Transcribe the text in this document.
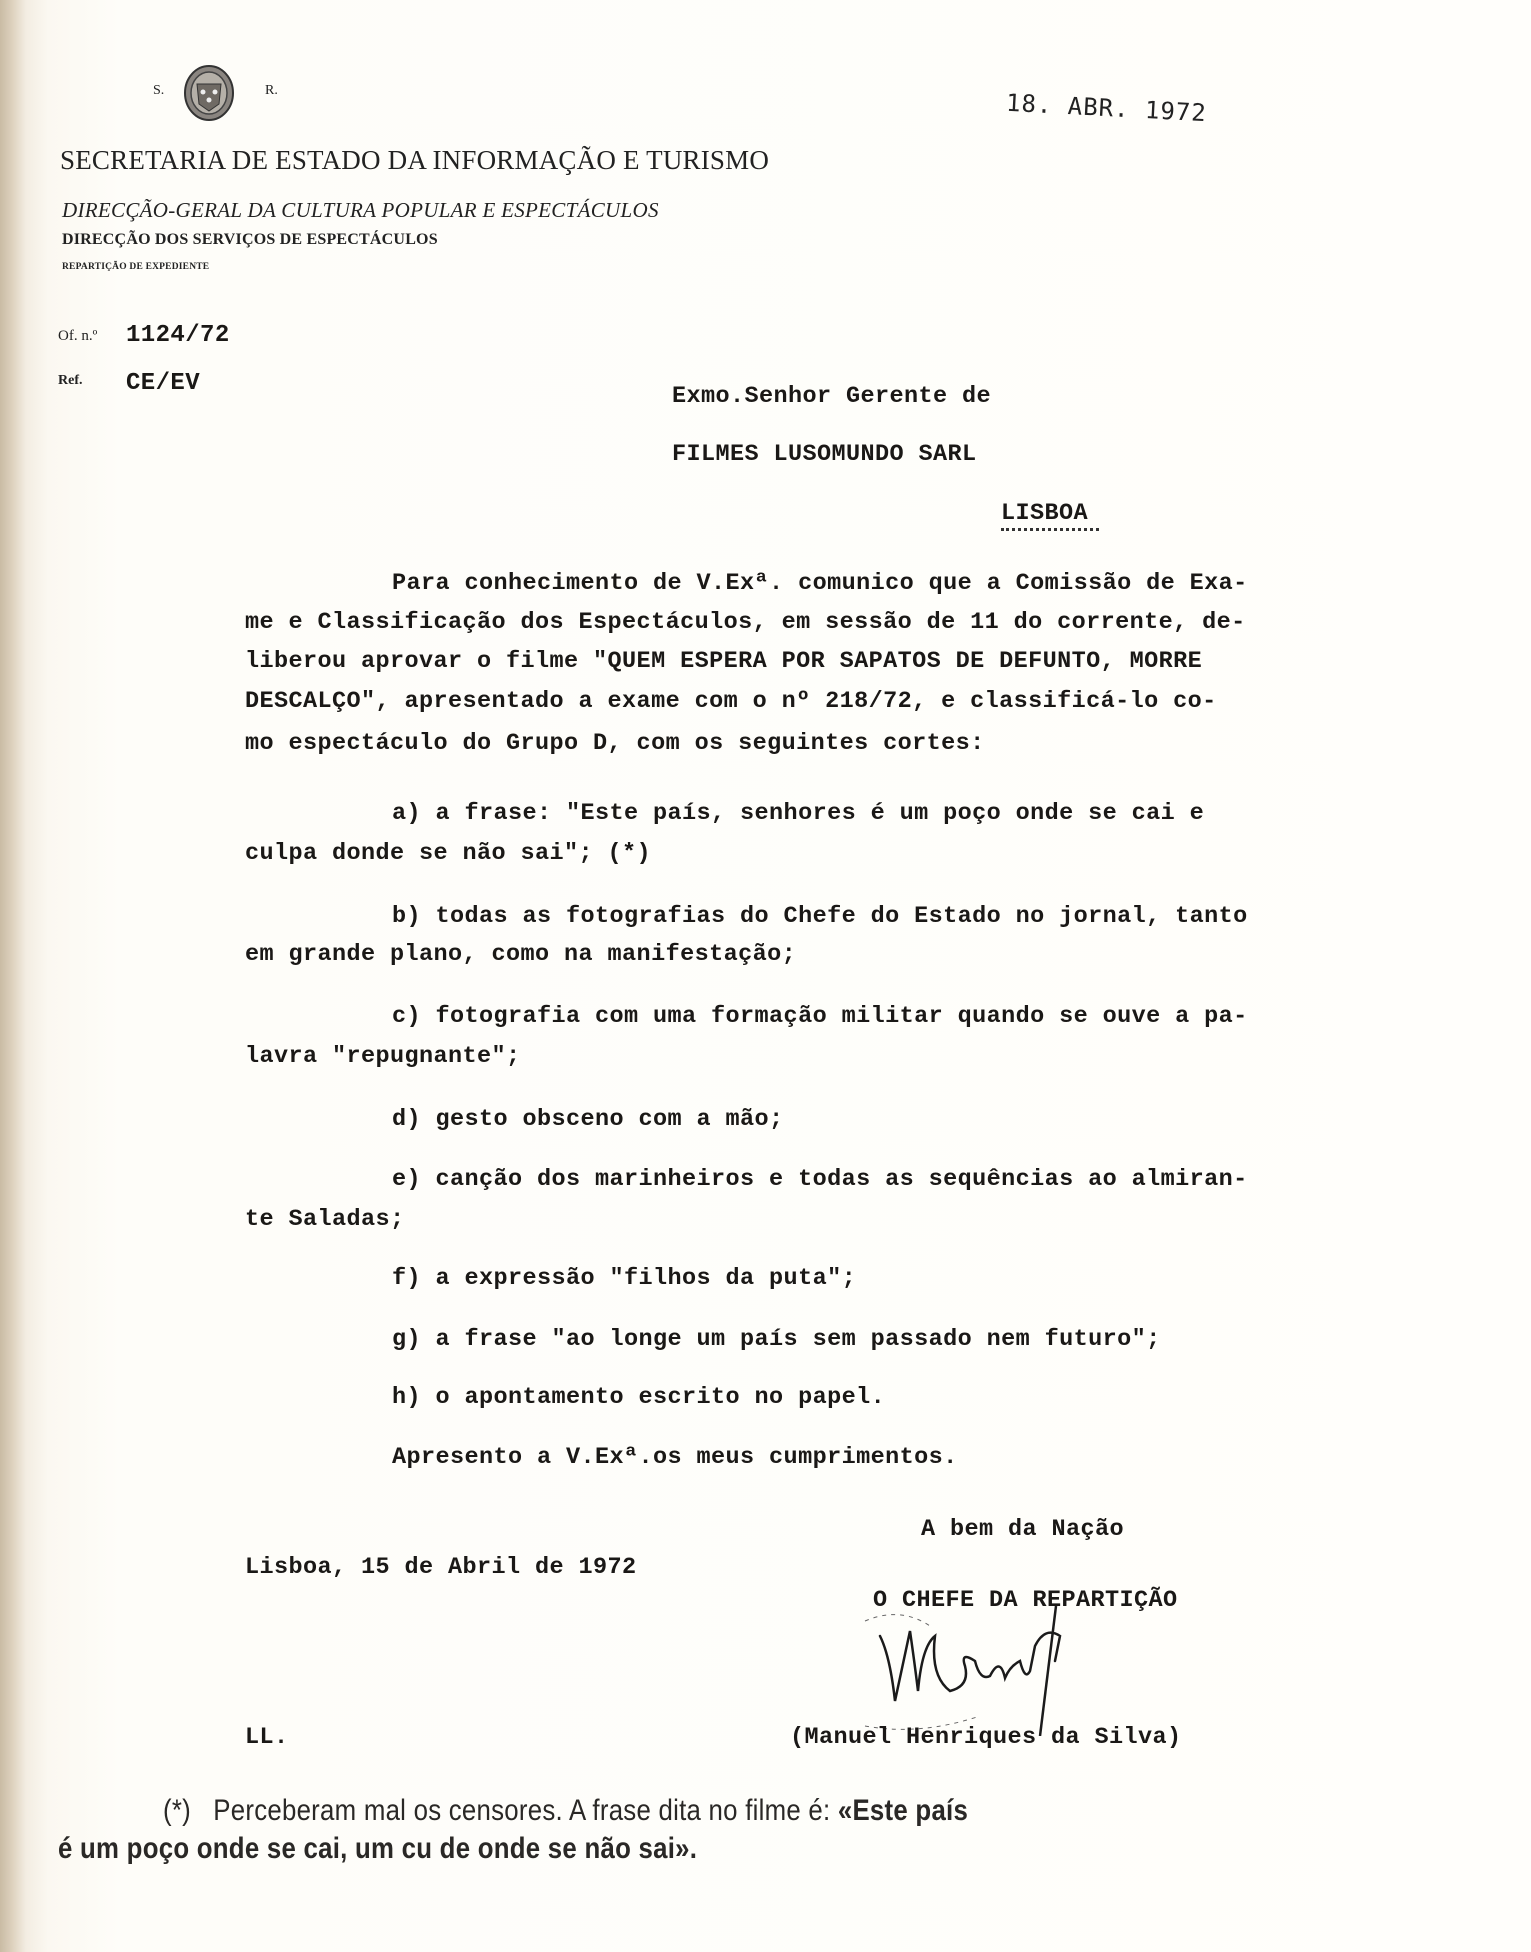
S.	R.	18. ABR. 1972
SECRETARIA DE ESTADO DA INFORMAÇÃO E TURISMO
DIRECÇÃO-GERAL DA CULTURA POPULAR E ESPECTÁCULOS
DIRECÇÃO DOS SERVIÇOS DE ESPECTÁCULOS
REPARTIÇÃO DE EXPEDIENTE
Of. n.º 1124/72
Ref. CE/EV	Exmo.Senhor Gerente de
FILMES LUSOMUNDO SARL
LISBOA
Para conhecimento de V.Exª. comunico que a Comissão de Exa-
me e Classificação dos Espectáculos, em sessão de 11 do corrente, de-
liberou aprovar o filme "QUEM ESPERA POR SAPATOS DE DEFUNTO, MORRE
DESCALÇO", apresentado a exame com o nº 218/72, e classificá-lo co-
mo espectáculo do Grupo D, com os seguintes cortes:
a) a frase: "Este país, senhores é um poço onde se cai e
culpa donde se não sai"; (*)
b) todas as fotografias do Chefe do Estado no jornal, tanto
em grande plano, como na manifestação;
c) fotografia com uma formação militar quando se ouve a pa-
lavra "repugnante";
d) gesto obsceno com a mão;
e) canção dos marinheiros e todas as sequências ao almiran-
te Saladas;
f) a expressão "filhos da puta";
g) a frase "ao longe um país sem passado nem futuro";
h) o apontamento escrito no papel.
Apresento a V.Exª.os meus cumprimentos.
A bem da Nação
Lisboa, 15 de Abril de 1972
O CHEFE DA REPARTIÇÃO
LL.	(Manuel Henriques da Silva)
(*) Perceberam mal os censores. A frase dita no filme é: «Este país
é um poço onde se cai, um cu de onde se não sai».
